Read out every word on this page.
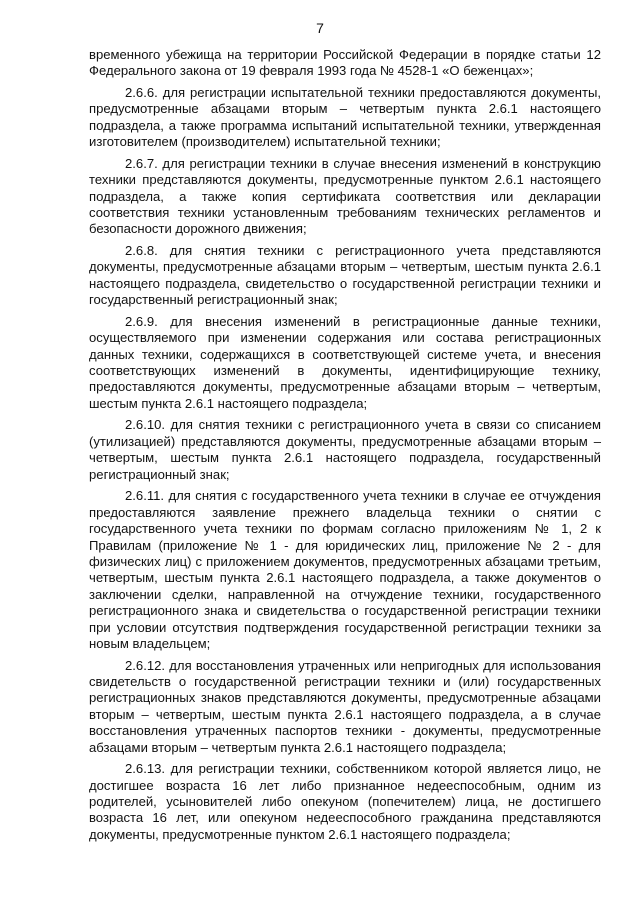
7

временного убежища на территории Российской Федерации в порядке статьи 12 Федерального закона от 19 февраля 1993 года № 4528-1 «О беженцах»;

2.6.6. для регистрации испытательной техники предоставляются документы, предусмотренные абзацами вторым – четвертым пункта 2.6.1 настоящего подраздела, а также программа испытаний испытательной техники, утвержденная изготовителем (производителем) испытательной техники;

2.6.7. для регистрации техники в случае внесения изменений в конструкцию техники представляются документы, предусмотренные пунктом 2.6.1 настоящего подраздела, а также копия сертификата соответствия или декларации соответствия техники установленным требованиям технических регламентов и безопасности дорожного движения;

2.6.8. для снятия техники с регистрационного учета представляются документы, предусмотренные абзацами вторым – четвертым, шестым пункта 2.6.1 настоящего подраздела, свидетельство о государственной регистрации техники и государственный регистрационный знак;

2.6.9. для внесения изменений в регистрационные данные техники, осуществляемого при изменении содержания или состава регистрационных данных техники, содержащихся в соответствующей системе учета, и внесения соответствующих изменений в документы, идентифицирующие технику, предоставляются документы, предусмотренные абзацами вторым – четвертым, шестым пункта 2.6.1 настоящего подраздела;

2.6.10. для снятия техники с регистрационного учета в связи со списанием (утилизацией) представляются документы, предусмотренные абзацами вторым – четвертым, шестым пункта 2.6.1 настоящего подраздела, государственный регистрационный знак;

2.6.11. для снятия с государственного учета техники в случае ее отчуждения предоставляются заявление прежнего владельца техники о снятии с государственного учета техники по формам согласно приложениям № 1, 2 к Правилам (приложение № 1 - для юридических лиц, приложение № 2 - для физических лиц) с приложением документов, предусмотренных абзацами третьим, четвертым, шестым пункта 2.6.1 настоящего подраздела, а также документов о заключении сделки, направленной на отчуждение техники, государственного регистрационного знака и свидетельства о государственной регистрации техники при условии отсутствия подтверждения государственной регистрации техники за новым владельцем;

2.6.12. для восстановления утраченных или непригодных для использования свидетельств о государственной регистрации техники и (или) государственных регистрационных знаков представляются документы, предусмотренные абзацами вторым – четвертым, шестым пункта 2.6.1 настоящего подраздела, а в случае восстановления утраченных паспортов техники - документы, предусмотренные абзацами вторым – четвертым пункта 2.6.1 настоящего подраздела;

2.6.13. для регистрации техники, собственником которой является лицо, не достигшее возраста 16 лет либо признанное недееспособным, одним из родителей, усыновителей либо опекуном (попечителем) лица, не достигшего возраста 16 лет, или опекуном недееспособного гражданина представляются документы, предусмотренные пунктом 2.6.1 настоящего подраздела;
